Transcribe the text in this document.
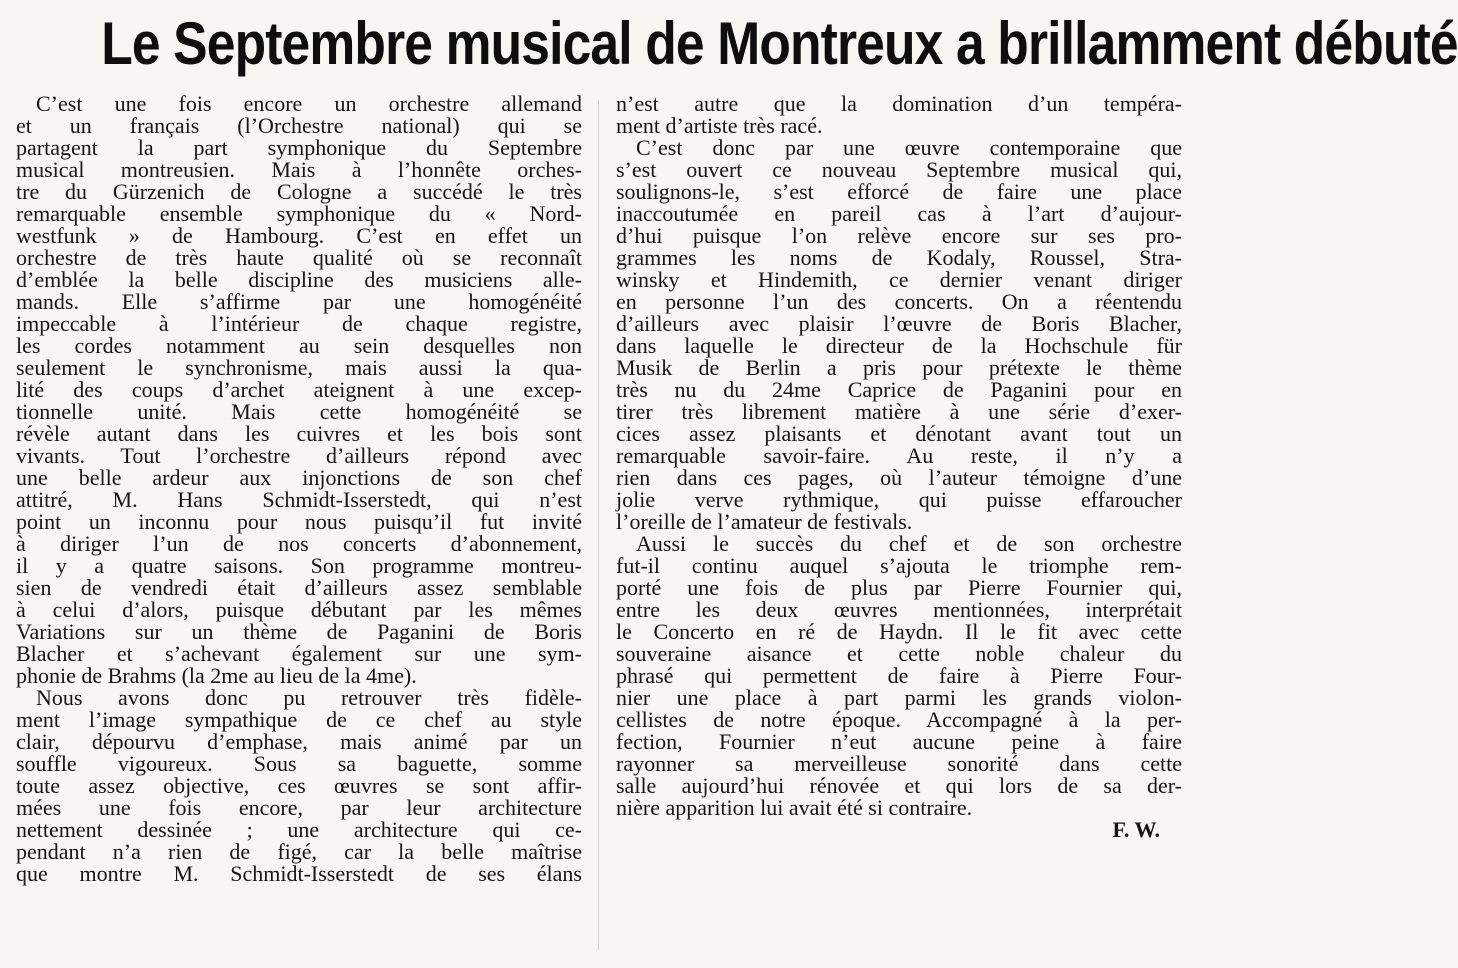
Le Septembre musical de Montreux a brillamment débuté
C’est une fois encore un orchestre allemand
et un français (l’Orchestre national) qui se
partagent la part symphonique du Septembre
musical montreusien. Mais à l’honnête orches-
tre du Gürzenich de Cologne a succédé le très
remarquable ensemble symphonique du « Nord-
westfunk » de Hambourg. C’est en effet un
orchestre de très haute qualité où se reconnaît
d’emblée la belle discipline des musiciens alle-
mands. Elle s’affirme par une homogénéité
impeccable à l’intérieur de chaque registre,
les cordes notamment au sein desquelles non
seulement le synchronisme, mais aussi la qua-
lité des coups d’archet ateignent à une excep-
tionnelle unité. Mais cette homogénéité se
révèle autant dans les cuivres et les bois sont
vivants. Tout l’orchestre d’ailleurs répond avec
une belle ardeur aux injonctions de son chef
attitré, M. Hans Schmidt-Isserstedt, qui n’est
point un inconnu pour nous puisqu’il fut invité
à diriger l’un de nos concerts d’abonnement,
il y a quatre saisons. Son programme montreu-
sien de vendredi était d’ailleurs assez semblable
à celui d’alors, puisque débutant par les mêmes
Variations sur un thème de Paganini de Boris
Blacher et s’achevant également sur une sym-
phonie de Brahms (la 2me au lieu de la 4me).
Nous avons donc pu retrouver très fidèle-
ment l’image sympathique de ce chef au style
clair, dépourvu d’emphase, mais animé par un
souffle vigoureux. Sous sa baguette, somme
toute assez objective, ces œuvres se sont affir-
mées une fois encore, par leur architecture
nettement dessinée ; une architecture qui ce-
pendant n’a rien de figé, car la belle maîtrise
que montre M. Schmidt-Isserstedt de ses élans
n’est autre que la domination d’un tempéra-
ment d’artiste très racé.
C’est donc par une œuvre contemporaine que
s’est ouvert ce nouveau Septembre musical qui,
soulignons-le, s’est efforcé de faire une place
inaccoutumée en pareil cas à l’art d’aujour-
d’hui puisque l’on relève encore sur ses pro-
grammes les noms de Kodaly, Roussel, Stra-
winsky et Hindemith, ce dernier venant diriger
en personne l’un des concerts. On a réentendu
d’ailleurs avec plaisir l’œuvre de Boris Blacher,
dans laquelle le directeur de la Hochschule für
Musik de Berlin a pris pour prétexte le thème
très nu du 24me Caprice de Paganini pour en
tirer très librement matière à une série d’exer-
cices assez plaisants et dénotant avant tout un
remarquable savoir-faire. Au reste, il n’y a
rien dans ces pages, où l’auteur témoigne d’une
jolie verve rythmique, qui puisse effaroucher
l’oreille de l’amateur de festivals.
Aussi le succès du chef et de son orchestre
fut-il continu auquel s’ajouta le triomphe rem-
porté une fois de plus par Pierre Fournier qui,
entre les deux œuvres mentionnées, interprétait
le Concerto en ré de Haydn. Il le fit avec cette
souveraine aisance et cette noble chaleur du
phrasé qui permettent de faire à Pierre Four-
nier une place à part parmi les grands violon-
cellistes de notre époque. Accompagné à la per-
fection, Fournier n’eut aucune peine à faire
rayonner sa merveilleuse sonorité dans cette
salle aujourd’hui rénovée et qui lors de sa der-
nière apparition lui avait été si contraire.
F. W.
